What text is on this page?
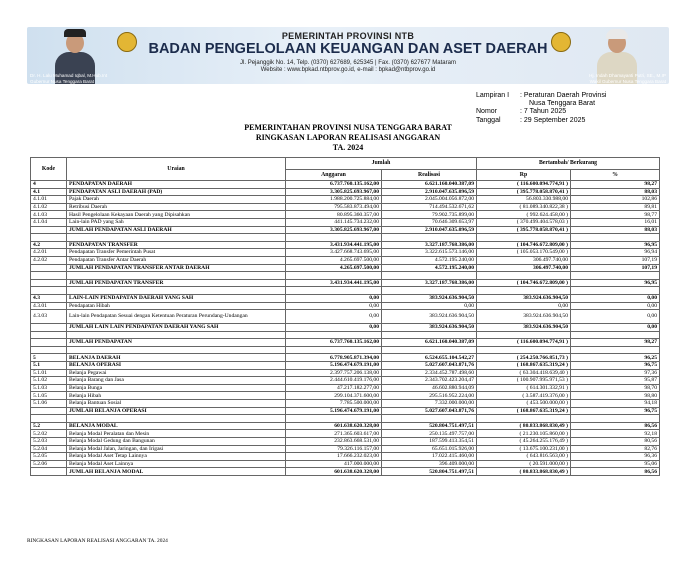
PEMERINTAH PROVINSI NTB
BADAN PENGELOLAAN KEUANGAN DAN ASET DAERAH
Jl. Pejanggik No. 14, Telp. (0370) 627689, 625345 | Fax. (0370) 627677 Mataram
Website : www.bpkad.ntbprov.go.id, e-mail : bpkad@ntbprov.go.id
Dr. H. Lalu Muhamad Iqbal, M.Hub.Int
Gubernur Nusa Tenggara Barat
Hj. Indah Dhamayanti Putri, SE., M.IP
Wakil Gubernur Nusa Tenggara Barat
Lampiran I	: Peraturan Daerah Provinsi
Nusa Tenggara Barat
Nomor	: 7 Tahun 2025
Tanggal	: 29 September 2025
PEMERINTAHAN PROVINSI NUSA TENGGARA BARAT
RINGKASAN LAPORAN REALISASI ANGGARAN
TA. 2024
Kode	Uraian	Jumlah		Bertambah/ Berkurang	
		Anggaran	Realisasi	Rp	%
4	PENDAPATAN DAERAH	6.737.760.135.162,00	6.621.160.040.387,09	( 116.600.094.774,91 )	98,27
4.1	PENDAPATAN ASLI DAERAH (PAD)	3.305.825.693.967,00	2.910.047.635.096,59	( 395.778.058.870,41 )	88,03
4.1.01	Pajak Daerah	1.988.200.725.884,00	2.045.004.056.872,00	56.803.330.988,00	102,86
4.1.02	Retribusi Daerah	795.583.873.494,00	714.494.532.671,62	( 81.089.340.822,38 )	89,81
4.1.03	Hasil Pengelolaan Kekayaan Daerah yang Dipisahkan	80.895.360.357,00	79.902.735.899,00	( 992.624.458,00 )	98,77
4.1.04	Lain-lain PAD yang Sah	441.145.734.232,00	70.646.309.653,97	( 370.499.404.578,03 )	16,01
	JUMLAH PENDAPATAN ASLI DAERAH	3.305.825.693.967,00	2.910.047.635.096,59	( 395.778.058.870,41 )	88,03

4.2	PENDAPATAN TRANSFER	3.431.934.441.195,00	3.327.187.768.386,00	( 104.746.672.809,00 )	96,95
4.2.01	Pendapatan Transfer Pemerintah Pusat	3.427.668.743.695,00	3.322.615.573.146,00	( 105.053.170.549,00 )	96,94
4.2.02	Pendapatan Transfer Antar Daerah	4.265.697.500,00	4.572.195.240,00	306.497.740,00	107,19
	JUMLAH PENDAPATAN TRANSFER ANTAR DAERAH	4.265.697.500,00	4.572.195.240,00	306.497.740,00	107,19

	JUMLAH PENDAPATAN TRANSFER	3.431.934.441.195,00	3.327.187.768.386,00	( 104.746.672.809,00 )	96,95

4.3	LAIN-LAIN PENDAPATAN DAERAH YANG SAH	0,00	383.924.636.904,50	383.924.636.904,50	0,00
4.3.01	Pendapatan Hibah	0,00	0,00	0,00	0,00
4.3.03	Lain-lain Pendapatan Sesuai dengan Ketentuan Peraturan Perundang-Undangan	0,00	383.924.636.904,50	383.924.636.904,50	0,00
	JUMLAH LAIN LAIN PENDAPATAN DAERAH YANG SAH	0,00	383.924.636.904,50	383.924.636.904,50	0,00

	JUMLAH PENDAPATAN	6.737.760.135.162,00	6.621.160.040.387,09	( 116.600.094.774,91 )	98,27

5	BELANJA DAERAH	6.778.905.871.394,00	6.524.655.104.542,27	( 254.250.766.851,73 )	96,25
5.1	BELANJA OPERASI	5.196.474.679.191,00	5.027.607.043.871,76	( 168.867.635.319,24 )	96,75
5.1.01	Belanja Pegawai	2.397.757.206.138,00	2.334.452.787.498,60	( 63.304.418.639,40 )	97,36
5.1.02	Belanja Barang dan Jasa	2.444.610.419.176,00	2.343.702.423.204,47	( 100.907.995.971,53 )	95,87
5.1.03	Belanja Bunga	47.217.182.277,00	46.602.880.944,09	( 614.301.332,91 )	98,70
5.1.05	Belanja Hibah	299.104.371.600,00	295.516.952.224,00	( 3.587.419.376,00 )	98,80
5.1.06	Belanja Bantuan Sosial	7.785.500.000,00	7.332.000.000,00	( 453.500.000,00 )	94,18
	JUMLAH BELANJA OPERASI	5.196.474.679.191,00	5.027.607.043.871,76	( 168.867.635.319,24 )	96,75

5.2	BELANJA MODAL	601.638.620.328,00	520.804.751.497,51	( 80.833.868.830,49 )	86,56
5.2.02	Belanja Modal Peralatan dan Mesin	271.365.603.617,00	250.135.497.757,00	( 21.230.105.860,00 )	92,18
5.2.03	Belanja Modal Gedung dan Bangunan	232.863.668.531,00	187.599.413.354,51	( 45.264.255.176,49 )	80,56
5.2.04	Belanja Modal Jalan, Jaringan, dan Irigasi	79.326.116.157,00	65.651.015.926,00	( 13.675.100.231,00 )	82,76
5.2.05	Belanja Modal Aset Tetap Lainnya	17.666.232.023,00	17.022.415.460,00	( 643.816.563,00 )	96,36
5.2.06	Belanja Modal Aset Lainnya	417.000.000,00	396.409.000,00	( 20.591.000,00 )	95,06
	JUMLAH BELANJA MODAL	601.638.620.328,00	520.804.751.497,51	( 80.833.868.830,49 )	86,56
RINGKASAN LAPORAN REALISASI ANGGARAN TA. 2024
